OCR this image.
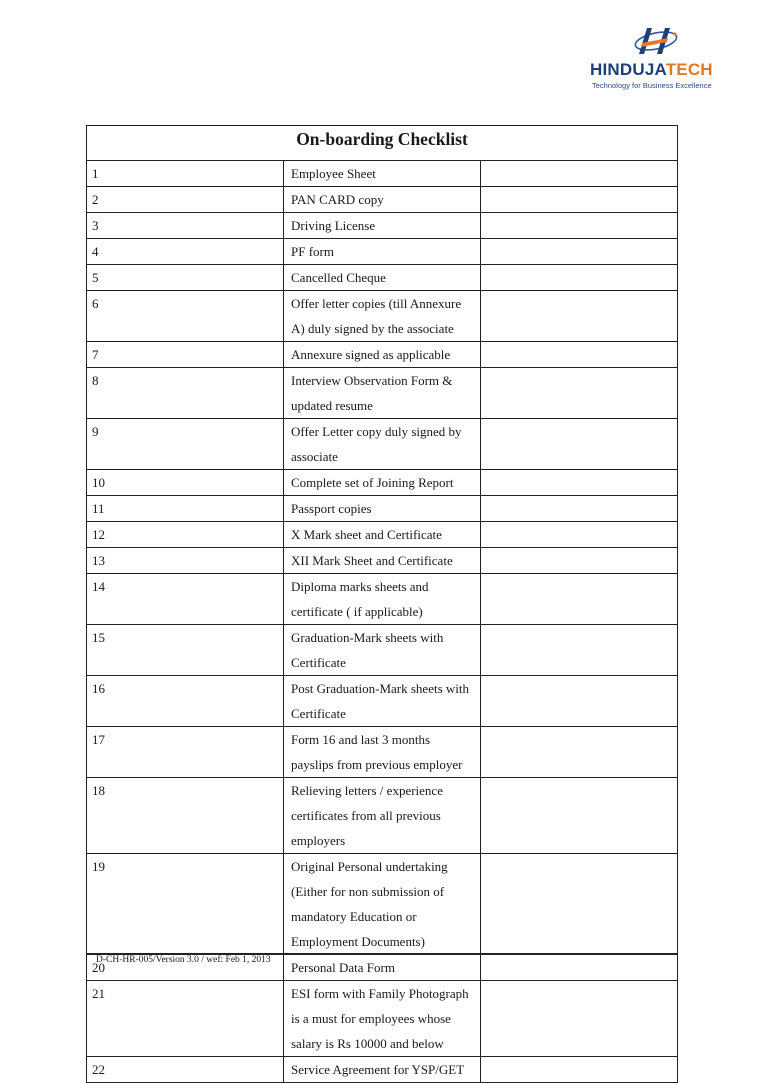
HINDUJATECH
Technology for Business Excellence
On-boarding Checklist		
1	Employee Sheet	
2	PAN CARD copy	
3	Driving License	
4	PF form	
5	Cancelled Cheque	
6	Offer letter copies (till Annexure A) duly signed by the associate	
7	Annexure signed as applicable	
8	Interview Observation Form & updated resume	
9	Offer Letter copy duly signed by associate	
10	Complete set of Joining Report	
11	Passport copies	
12	X Mark sheet and Certificate	
13	XII Mark Sheet and Certificate	
14	Diploma marks sheets and certificate ( if applicable)	
15	Graduation-Mark sheets with Certificate	
16	Post Graduation-Mark sheets with Certificate	
17	Form 16 and last 3 months payslips from previous employer	
18	Relieving letters / experience certificates from all previous employers	
19	Original Personal undertaking (Either for non submission of mandatory Education or Employment Documents)	
20	Personal Data Form	
21	ESI form with Family Photograph is a must for employees whose salary is Rs 10000 and below	
22	Service Agreement for YSP/GET	
D-CH-HR-005/Version 3.0 / wef: Feb 1, 2013
